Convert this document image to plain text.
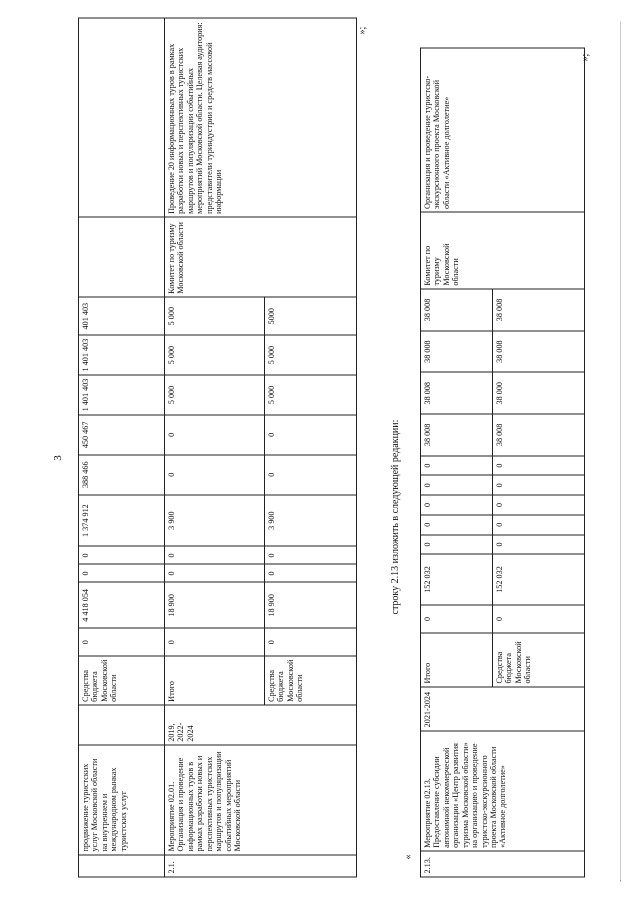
3
	продвижение туристских услуг Московской области на внутреннем и международном рынках туристских услуг		Средства бюджета Московской области	0	4 418 054	0	0	1 374 912	388 466	450 467	1 401 403	1 401 403	401 403		
2.1.	Мероприятие 02.01. Организация и проведение информационных туров в рамках разработки новых и перспективных туристских маршрутов и популяризации событийных мероприятий Московской области	2019, 2022-2024	Итого	0	18 900	0	0	3 900	0	0	5 000	5 000	5 000	Комитет по туризму Московской области	Проведение 20 информационных туров в рамках разработки новых и перспективных туристских маршрутов и популяризации событийных мероприятий Московской области. Целевая аудитория: представители туриндустрии и средств массовой информации
			Средства бюджета Московской области	0	18 900	0	0	3 900	0	0	5 000	5 000	5000		
»;
строку 2.13 изложить в следующей редакции:
«
2.13.	Мероприятие 02.13. Предоставление субсидии автономной некоммерческой организации «Центр развития туризма Московской области» на организацию и проведение туристско-экскурсионного проекта Московской области «Активное долголетие»	2021-2024	Итого	0	152 032	0	0	0	0	0	38 008	38 008	38 008	38 008	Комитет по туризму Московской области	Организация и проведение туристско-экскурсионного проекта Московской области «Активное долголетие»
			Средства бюджета Московской области	0	152 032	0	0	0	0	0	38 008	38 000	38 008	38 008		
»;
